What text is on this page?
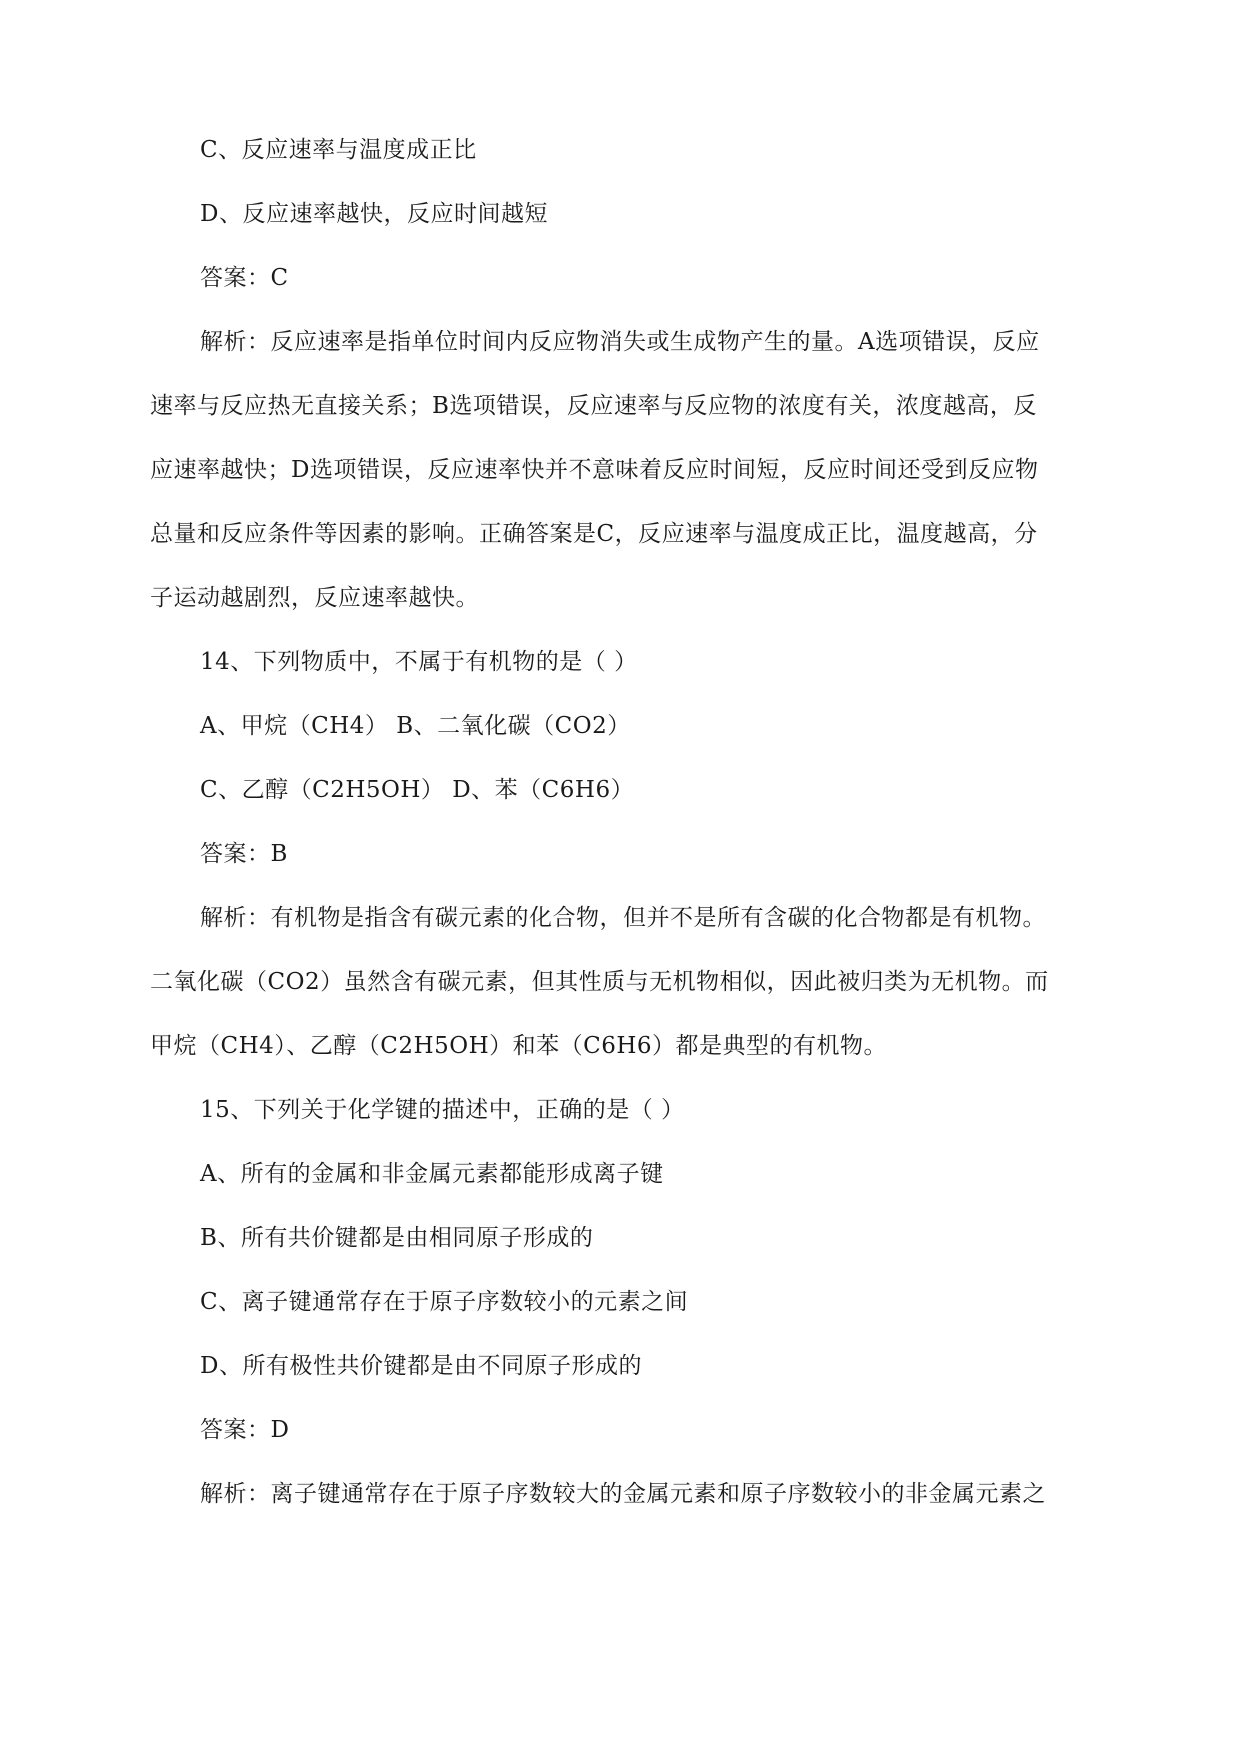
C、反应速率与温度成正比
D、反应速率越快，反应时间越短
答案：C
解析：反应速率是指单位时间内反应物消失或生成物产生的量。A选项错误，反应
速率与反应热无直接关系；B选项错误，反应速率与反应物的浓度有关，浓度越高，反
应速率越快；D选项错误，反应速率快并不意味着反应时间短，反应时间还受到反应物
总量和反应条件等因素的影响。正确答案是C，反应速率与温度成正比，温度越高，分
子运动越剧烈，反应速率越快。
14、下列物质中，不属于有机物的是（ ）
A、甲烷（CH4） B、二氧化碳（CO2）
C、乙醇（C2H5OH） D、苯（C6H6）
答案：B
解析：有机物是指含有碳元素的化合物，但并不是所有含碳的化合物都是有机物。
二氧化碳（CO2）虽然含有碳元素，但其性质与无机物相似，因此被归类为无机物。而
甲烷（CH4）、乙醇（C2H5OH）和苯（C6H6）都是典型的有机物。
15、下列关于化学键的描述中，正确的是（ ）
A、所有的金属和非金属元素都能形成离子键
B、所有共价键都是由相同原子形成的
C、离子键通常存在于原子序数较小的元素之间
D、所有极性共价键都是由不同原子形成的
答案：D
解析：离子键通常存在于原子序数较大的金属元素和原子序数较小的非金属元素之
